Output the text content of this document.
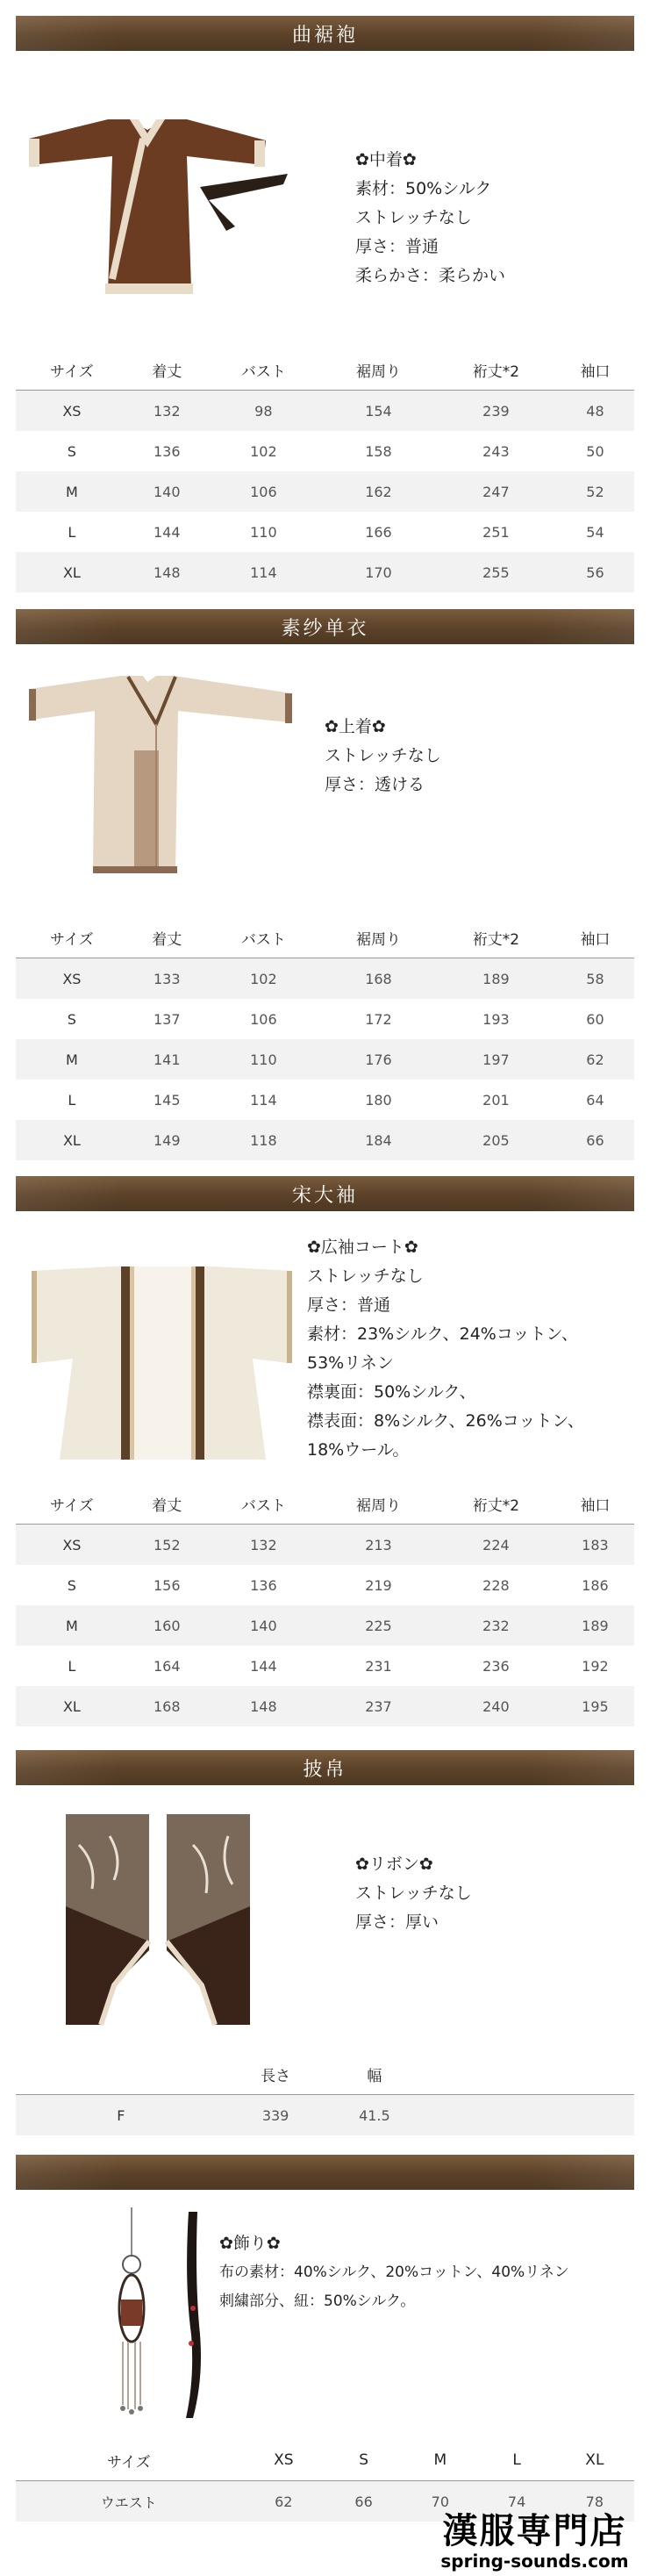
曲裾袍
✿中着✿
素材：50%シルク
ストレッチなし
厚さ：普通
柔らかさ：柔らかい
サイズ	着丈	バスト	裾周り	裄丈*2	袖口
XS	132	98	154	239	48
S	136	102	158	243	50
M	140	106	162	247	52
L	144	110	166	251	54
XL	148	114	170	255	56
素纱单衣
✿上着✿
ストレッチなし
厚さ：透ける
サイズ	着丈	バスト	裾周り	裄丈*2	袖口
XS	133	102	168	189	58
S	137	106	172	193	60
M	141	110	176	197	62
L	145	114	180	201	64
XL	149	118	184	205	66
宋大袖
✿広袖コート✿
ストレッチなし
厚さ：普通
素材：23%シルク、24%コットン、
53%リネン
襟裏面：50%シルク、
襟表面：8%シルク、26%コットン、
18%ウール。
サイズ	着丈	バスト	裾周り	裄丈*2	袖口
XS	152	132	213	224	183
S	156	136	219	228	186
M	160	140	225	232	189
L	164	144	231	236	192
XL	168	148	237	240	195
披帛
✿リボン✿
ストレッチなし
厚さ：厚い
	長さ	幅	
F	339	41.5	
✿飾り✿
布の素材：40%シルク、20%コットン、40%リネン
刺繍部分、紐：50%シルク。
サイズ	XS	S	M	L	XL
ウエスト	62	66	70	74	78
漢服専門店
spring-sounds.com
